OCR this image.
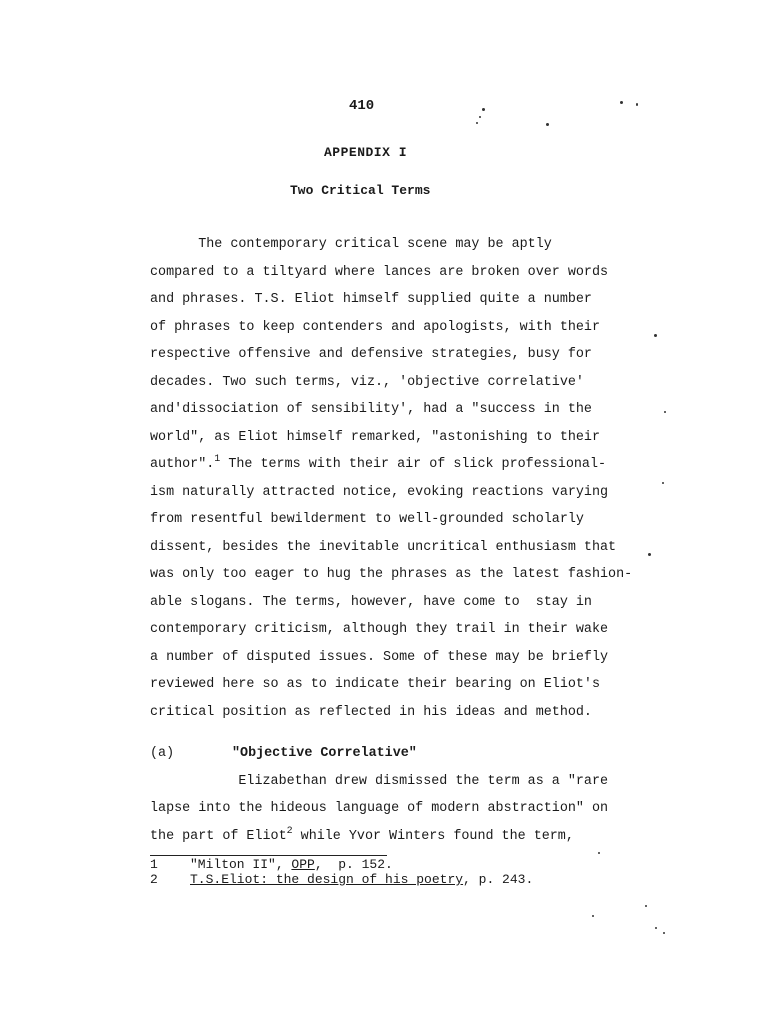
410
APPENDIX I
Two Critical Terms
The contemporary critical scene may be aptly
compared to a tiltyard where lances are broken over words
and phrases. T.S. Eliot himself supplied quite a number
of phrases to keep contenders and apologists, with their
respective offensive and defensive strategies, busy for
decades. Two such terms, viz., 'objective correlative'
and'dissociation of sensibility', had a "success in the
world", as Eliot himself remarked, "astonishing to their
author".$^1$ The terms with their air of slick professional-
ism naturally attracted notice, evoking reactions varying
from resentful bewilderment to well-grounded scholarly
dissent, besides the inevitable uncritical enthusiasm that
was only too eager to hug the phrases as the latest fashion-
able slogans. The terms, however, have come to  stay in
contemporary criticism, although they trail in their wake
a number of disputed issues. Some of these may be briefly
reviewed here so as to indicate their bearing on Eliot's
critical position as reflected in his ideas and method.
(a)	"Objective Correlative"
Elizabethan drew dismissed the term as a "rare
lapse into the hideous language of modern abstraction" on
the part of Eliot$^2$ while Yvor Winters found the term,
1 "Milton II", OPP,  p. 152.
2 T.S.Eliot: the design of his poetry, p. 243.
